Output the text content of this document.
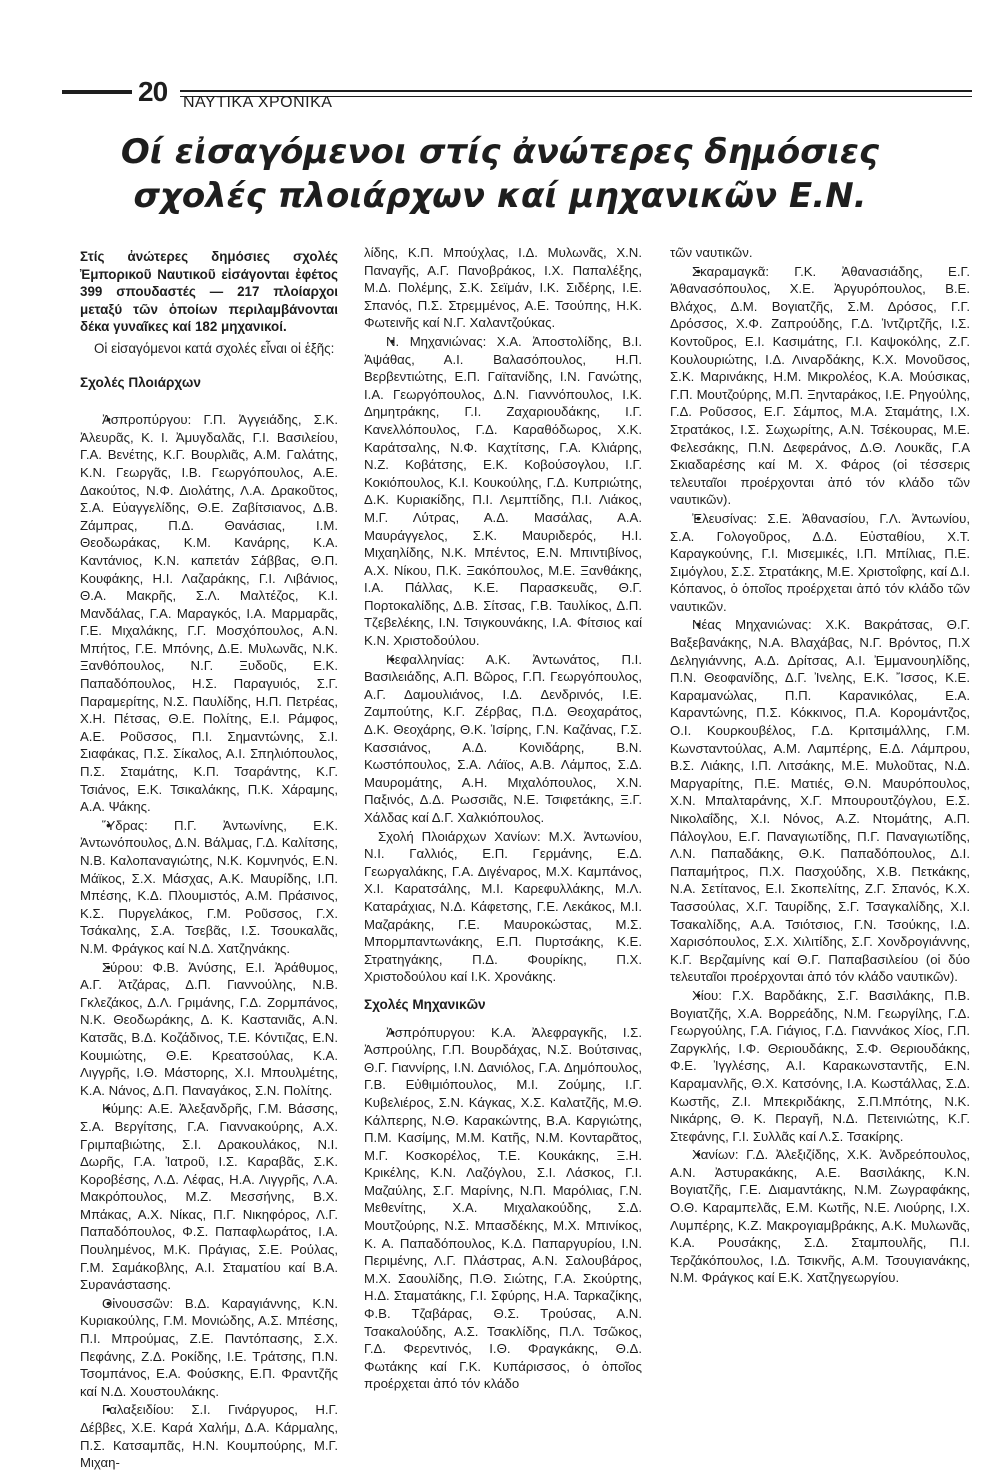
20 ΝΑΥΤΙΚΑ ΧΡΟΝΙΚΑ
Οί εἰσαγόμενοι στίς ἀνώτερες δημόσιες
σχολές πλοιάρχων καί μηχανικῶν Ε.Ν.

Στίς ἀνώτερες δημόσιες σχολές Ἐμπορικοῦ Ναυτικοῦ εἰσάγονται ἐφέτος 399 σπουδαστές — 217 πλοίαρχοι μεταξύ τῶν ὁποίων περιλαμβάνονται δέκα γυναῖκες καί 182 μηχανικοί.

Οἱ εἰσαγόμενοι κατά σχολές εἶναι οἱ ἑξῆς:

Σχολές Πλοιάρχων

• Ἀσπροπύργου: Γ.Π. Ἀγγειάδης, Σ.Κ. Ἀλευρᾶς, Κ. Ι. Ἀμυγδαλᾶς, Γ.Ι. Βασιλείου, Γ.Α. Βενέτης, Κ.Γ. Βουρλιᾶς, Α.Μ. Γαλάτης, Κ.Ν. Γεωργᾶς, Ι.Β. Γεωργόπουλος, Α.Ε. Δακούτος, Ν.Φ. Διολάτης, Λ.Α. Δρακοῦτος, Σ.Α. Εὐαγγελίδης, Θ.Ε. Ζαβίτσιανος, Δ.Β. Ζάμπρας, Π.Δ. Θανάσιας, Ι.Μ. Θεοδωράκας, Κ.Μ. Κανάρης, Κ.Α. Καντάνιος, Κ.Ν. καπετάν Σάββας, Θ.Π. Κουφάκης, Η.Ι. Λαζαράκης, Γ.Ι. Λιβάνιος, Θ.Α. Μακρῆς, Σ.Λ. Μαλτέζος, Κ.Ι. Μανδάλας, Γ.Α. Μαραγκός, Ι.Α. Μαρμαρᾶς, Γ.Ε. Μιχαλάκης, Γ.Γ. Μοσχόπουλος, Α.Ν. Μπήτος, Γ.Ε. Μπόνης, Δ.Ε. Μυλωνᾶς, Ν.Κ. Ξανθόπουλος, Ν.Γ. Ξυδοῦς, Ε.Κ. Παπαδόπουλος, Η.Σ. Παραγυιός, Σ.Γ. Παραμερίτης, Ν.Σ. Παυλίδης, Η.Π. Πετρέας, Χ.Η. Πέτσας, Θ.Ε. Πολίτης, Ε.Ι. Ράμφος, Α.Ε. Ροῦσσος, Π.Ι. Σημαντώνης, Σ.Ι. Σιαφάκας, Π.Σ. Σίκαλος, Α.Ι. Σπηλιόπουλος, Π.Σ. Σταμάτης, Κ.Π. Τσαράντης, Κ.Γ. Τσιάνος, Ε.Κ. Τσικαλάκης, Π.Κ. Χάραμης, Α.Α. Ψάκης.

• Ὕδρας: Π.Γ. Ἀντωνίνης, Ε.Κ. Ἀντωνόπουλος, Δ.Ν. Βάλμας, Γ.Δ. Καλίτσης, Ν.Β. Καλοπαναγιώτης, Ν.Κ. Κομνηνός, Ε.Ν. Μάϊκος, Σ.Χ. Μάσχας, Α.Κ. Μαυρίδης, Ι.Π. Μπέσης, Κ.Δ. Πλουμιστός, Α.Μ. Πράσινος, Κ.Σ. Πυργελάκος, Γ.Μ. Ροῦσσος, Γ.Χ. Τσάκαλης, Σ.Α. Τσεβᾶς, Ι.Σ. Τσουκαλᾶς, Ν.Μ. Φράγκος καί Ν.Δ. Χατζηνάκης.

• Σύρου: Φ.Β. Ἀνύσης, Ε.Ι. Ἀράθυμος, Α.Γ. Ἀτζάρας, Δ.Π. Γιαννούλης, Ν.Β. Γκλεζάκος, Δ.Λ. Γριμάνης, Γ.Δ. Ζορμπάνος, Ν.Κ. Θεοδωράκης, Δ. Κ. Καστανιᾶς, Α.Ν. Κατσᾶς, Β.Δ. Κοζάδινος, Τ.Ε. Κόντιζας, Ε.Ν. Κουμιώτης, Θ.Ε. Κρεατσούλας, Κ.Α. Λιγγρῆς, Ι.Θ. Μάστορης, Χ.Ι. Μπουλμέτης, Κ.Α. Νάνος, Δ.Π. Παναγάκος, Σ.Ν. Πολίτης.

• Κύμης: Α.Ε. Ἀλεξανδρῆς, Γ.Μ. Βάσσης, Σ.Α. Βεργίτσης, Γ.Α. Γιαννακούρης, Α.Χ. Γριμπαβιώτης, Σ.Ι. Δρακουλάκος, Ν.Ι. Δωρῆς, Γ.Α. Ἰατροῦ, Ι.Σ. Καραβᾶς, Σ.Κ. Κοροβέσης, Λ.Δ. Λέφας, Η.Α. Λιγγρῆς, Λ.Α. Μακρόπουλος, Μ.Ζ. Μεσσήνης, Β.Χ. Μπάκας, Α.Χ. Νίκας, Π.Γ. Νικηφόρος, Λ.Γ. Παπαδόπουλος, Φ.Σ. Παπαφλωράτος, Ι.Α. Πουλημένος, Μ.Κ. Πράγιας, Σ.Ε. Ρούλας, Γ.Μ. Σαμάκοβλης, Α.Ι. Σταματίου καί Β.Α. Συρανάστασης.

• Οἰνουσσῶν: Β.Δ. Καραγιάννης, Κ.Ν. Κυριακούλης, Γ.Μ. Μονιώδης, Α.Σ. Μπέσης, Π.Ι. Μπρούμας, Ζ.Ε. Παντόπασης, Σ.Χ. Πεφάνης, Ζ.Δ. Ροκίδης, Ι.Ε. Τράτσης, Π.Ν. Τσομπάνος, Ε.Α. Φούσκης, Ε.Π. Φραντζῆς καί Ν.Δ. Χουστουλάκης.

• Γαλαξειδίου: Σ.Ι. Γινάργυρος, Η.Γ. Δέββες, Χ.Ε. Καρά Χαλήμ, Δ.Α. Κάρμαλης, Π.Σ. Κατσαμπᾶς, Η.Ν. Κουμπούρης, Μ.Γ. Μιχαη-

λίδης, Κ.Π. Μπούχλας, Ι.Δ. Μυλωνᾶς, Χ.Ν. Παναγῆς, Α.Γ. Πανοβράκος, Ι.Χ. Παπαλέξης, Μ.Δ. Πολέμης, Σ.Κ. Σεϊμάν, Ι.Κ. Σιδέρης, Ι.Ε. Σπανός, Π.Σ. Στρεμμένος, Α.Ε. Τσούπης, Η.Κ. Φωτεινῆς καί Ν.Γ. Χαλαντζούκας.

• Ν. Μηχανιώνας: Χ.Α. Ἀποστολίδης, Β.Ι. Ἀψάθας, Α.Ι. Βαλασόπουλος, Η.Π. Βερβεντιώτης, Ε.Π. Γαϊτανίδης, Ι.Ν. Γανώτης, Ι.Α. Γεωργόπουλος, Δ.Ν. Γιαννόπουλος, Ι.Κ. Δημητράκης, Γ.Ι. Ζαχαριουδάκης, Ι.Γ. Κανελλόπουλος, Γ.Δ. Καραθόδωρος, Χ.Κ. Καράτσαλης, Ν.Φ. Καχτίτσης, Γ.Α. Κλιάρης, Ν.Ζ. Κοβάτσης, Ε.Κ. Κοβούσογλου, Ι.Γ. Κοκιόπουλος, Κ.Ι. Κουκούλης, Γ.Δ. Κυπριώτης, Δ.Κ. Κυριακίδης, Π.Ι. Λεμπτίδης, Π.Ι. Λιάκος, Μ.Γ. Λύτρας, Α.Δ. Μασάλας, Α.Α. Μαυράγγελος, Σ.Κ. Μαυριδερός, Η.Ι. Μιχαηλίδης, Ν.Κ. Μπέντος, Ε.Ν. Μπιντιβίνος, Α.Χ. Νίκου, Π.Κ. Ξακόπουλος, Μ.Ε. Ξανθάκης, Ι.Α. Πάλλας, Κ.Ε. Παρασκευᾶς, Θ.Γ. Πορτοκαλίδης, Δ.Β. Σίτσας, Γ.Β. Ταυλίκος, Δ.Π. Τζεβελέκης, Ι.Ν. Τσιγκουνάκης, Ι.Α. Φίτσιος καί Κ.Ν. Χριστοδούλου.

• Κεφαλληνίας: Α.Κ. Ἀντωνάτος, Π.Ι. Βασιλειάδης, Α.Π. Βῶρος, Γ.Π. Γεωργόπουλος, Α.Γ. Δαμουλιάνος, Ι.Δ. Δενδρινός, Ι.Ε. Ζαμπούτης, Κ.Γ. Ζέρβας, Π.Δ. Θεοχαράτος, Δ.Κ. Θεοχάρης, Θ.Κ. Ἰσίρης, Γ.Ν. Καζάνας, Γ.Σ. Κασσιάνος, Α.Δ. Κονιδάρης, Β.Ν. Κωστόπουλος, Σ.Α. Λάϊος, Α.Β. Λάμπος, Σ.Δ. Μαυρομάτης, Α.Η. Μιχαλόπουλος, Χ.Ν. Παξινός, Δ.Δ. Ρωσσιᾶς, Ν.Ε. Τσιφετάκης, Ξ.Γ. Χάλδας καί Δ.Γ. Χαλκιόπουλος.

Σχολή Πλοιάρχων Χανίων: Μ.Χ. Ἀντωνίου, Ν.Ι. Γαλλιός, Ε.Π. Γερμάνης, Ε.Δ. Γεωργαλάκης, Γ.Α. Διγέναρος, Μ.Χ. Καμπάνος, Χ.Ι. Καρατσάλης, Μ.Ι. Καρεφυλλάκης, Μ.Λ. Καταράχιας, Ν.Δ. Κάφετσης, Γ.Ε. Λεκάκος, Μ.Ι. Μαζαράκης, Γ.Ε. Μαυροκώστας, Μ.Σ. Μπορμπαντωνάκης, Ε.Π. Πυρτσάκης, Κ.Ε. Στρατηγάκης, Π.Δ. Φουρίκης, Π.Χ. Χριστοδούλου καί Ι.Κ. Χρονάκης.

Σχολές Μηχανικῶν

• Ἀσπρόπυργου: Κ.Α. Ἀλεφραγκῆς, Ι.Σ. Ἀσπρούλης, Γ.Π. Βουρδάχας, Ν.Σ. Βούτσινας, Θ.Γ. Γιαννίρης, Ι.Ν. Δανιόλος, Γ.Α. Δημόπουλος, Γ.Β. Εὐθιμιόπουλος, Μ.Ι. Ζούμης, Ι.Γ. Κυβελιέρος, Σ.Ν. Κάγκας, Χ.Σ. Καλατζῆς, Μ.Θ. Κάλπερης, Ν.Θ. Καρακώντης, Β.Α. Καργιώτης, Π.Μ. Κασίμης, Μ.Μ. Κατῆς, Ν.Μ. Κονταρᾶτος, Μ.Γ. Κοσκορέλος, Τ.Ε. Κουκάκης, Ξ.Η. Κρικέλης, Κ.Ν. Λαζόγλου, Σ.Ι. Λάσκος, Γ.Ι. Μαζαύλης, Σ.Γ. Μαρίνης, Ν.Π. Μαρόλιας, Γ.Ν. Μεθενίτης, Χ.Α. Μιχαλακούδης, Σ.Δ. Μουτζούρης, Ν.Σ. Μπασδέκης, Μ.Χ. Μπινίκος, Κ. Α. Παπαδόπουλος, Κ.Δ. Παπαργυρίου, Ι.Ν. Περιμένης, Λ.Γ. Πλάστρας, Α.Ν. Σαλουβάρος, Μ.Χ. Σαουλίδης, Π.Θ. Σιώτης, Γ.Α. Σκούρτης, Η.Δ. Σταματάκης, Γ.Ι. Σφύρης, Η.Α. Ταρκαζίκης, Φ.Β. Τζαβάρας, Θ.Σ. Τρούσας, Α.Ν. Τσακαλούδης, Α.Σ. Τσακλίδης, Π.Λ. Τσῶκος, Γ.Δ. Φερεντινός, Ι.Θ. Φραγκάκης, Θ.Δ. Φωτάκης καί Γ.Κ. Κυπάρισσος, ὁ ὁποῖος προέρχεται ἀπό τόν κλάδο

τῶν ναυτικῶν.

• Σκαραμαγκᾶ: Γ.Κ. Ἀθανασιάδης, Ε.Γ. Ἀθανασόπουλος, Χ.Ε. Ἀργυρόπουλος, Β.Ε. Βλάχος, Δ.Μ. Βογιατζῆς, Σ.Μ. Δρόσος, Γ.Γ. Δρόσσος, Χ.Φ. Ζαπρούδης, Γ.Δ. Ἰντζιρτζῆς, Ι.Σ. Κοντοῦρος, Ε.Ι. Κασιμάτης, Γ.Ι. Καψοκόλης, Ζ.Γ. Κουλουριώτης, Ι.Δ. Λιναρδάκης, Κ.Χ. Μονοῦσος, Σ.Κ. Μαρινάκης, Η.Μ. Μικρολέος, Κ.Α. Μούσικας, Γ.Π. Μουτζούρης, Μ.Π. Ξηνταράκος, Ι.Ε. Ρηγούλης, Γ.Δ. Ροῦσσος, Ε.Γ. Σάμπος, Μ.Α. Σταμάτης, Ι.Χ. Στρατάκος, Ι.Σ. Σωχωρίτης, Α.Ν. Τσέκουρας, Μ.Ε. Φελεσάκης, Π.Ν. Δεφεράνος, Δ.Θ. Λουκᾶς, Γ.Α Σκιαδαρέσης καί Μ. Χ. Φάρος (οἱ τέσσερις τελευταῖοι προέρχονται ἀπό τόν κλάδο τῶν ναυτικῶν).

• Ἐλευσίνας: Σ.Ε. Ἀθανασίου, Γ.Λ. Ἀντωνίου, Σ.Α. Γολογοῦρος, Δ.Δ. Εὐσταθίου, Χ.Τ. Καραγκούνης, Γ.Ι. Μισεμικές, Ι.Π. Μπίλιας, Π.Ε. Σιμόγλου, Σ.Σ. Στρατάκης, Μ.Ε. Χριστοΐφης, καί Δ.Ι. Κόπανος, ὁ ὁποῖος προέρχεται ἀπό τόν κλάδο τῶν ναυτικῶν.

• Νέας Μηχανιώνας: Χ.Κ. Βακράτσας, Θ.Γ. Βαξεβανάκης, Ν.Α. Βλαχάβας, Ν.Γ. Βρόντος, Π.Χ Δεληγιάννης, Α.Δ. Δρίτσας, Α.Ι. Ἐμμανουηλίδης, Π.Ν. Θεοφανίδης, Δ.Γ. Ἰνελης, Ε.Κ. Ἴσσος, Κ.Ε. Καραμανώλας, Π.Π. Καρανικόλας, Ε.Α. Καραντώνης, Π.Σ. Κόκκινος, Π.Α. Κορομάντζος, Ο.Ι. Κουρκουβέλος, Γ.Δ. Κριτσιμάλλης, Γ.Μ. Κωνσταντούλας, Α.Μ. Λαμπέρης, Ε.Δ. Λάμπρου, Β.Σ. Λιάκης, Ι.Π. Λιτσάκης, Μ.Ε. Μυλοῦτας, Ν.Δ. Μαργαρίτης, Π.Ε. Ματιές, Θ.Ν. Μαυρόπουλος, Χ.Ν. Μπαλταράνης, Χ.Γ. Μπουρουτζόγλου, Ε.Σ. Νικολαΐδης, Χ.Ι. Νόνος, Α.Ζ. Ντομάτης, Α.Π. Πάλογλου, Ε.Γ. Παναγιωτίδης, Π.Γ. Παναγιωτίδης, Λ.Ν. Παπαδάκης, Θ.Κ. Παπαδόπουλος, Δ.Ι. Παπαμήτρος, Π.Χ. Πασχούδης, Χ.Β. Πετκάκης, Ν.Α. Σετίτανος, Ε.Ι. Σκοπελίτης, Ζ.Γ. Σπανός, Κ.Χ. Τασσούλας, Χ.Γ. Ταυρίδης, Σ.Γ. Τσαγκαλίδης, Χ.Ι. Τσακαλίδης, Α.Α. Τσιότσιος, Γ.Ν. Τσούκης, Ι.Δ. Χαρισόπουλος, Σ.Χ. Χιλιτίδης, Σ.Γ. Χονδρογιάννης, Κ.Γ. Βερζαμίνης καί Θ.Γ. Παπαβασιλείου (οἱ δύο τελευταῖοι προέρχονται ἀπό τόν κλάδο ναυτικῶν).

• Χίου: Γ.Χ. Βαρδάκης, Σ.Γ. Βασιλάκης, Π.Β. Βογιατζῆς, Χ.Α. Βορρεάδης, Ν.Μ. Γεωργίλης, Γ.Δ. Γεωργούλης, Γ.Α. Γιάγιος, Γ.Δ. Γιαννάκος Χίος, Γ.Π. Ζαργκλής, Ι.Φ. Θεριουδάκης, Σ.Φ. Θεριουδάκης, Φ.Ε. Ἰγγλέσης, Α.Ι. Καρακωνσταντῆς, Ε.Ν. Καραμανλῆς, Θ.Χ. Κατσόνης, Ι.Α. Κωστάλλας, Σ.Δ. Κωστῆς, Ζ.Ι. Μπεκριδάκης, Σ.Π.Μπότης, Ν.Κ. Νικάρης, Θ. Κ. Περαγῆ, Ν.Δ. Πετεινιώτης, Κ.Γ. Στεφάνης, Γ.Ι. Συλλᾶς καί Λ.Σ. Τσακίρης.

• Χανίων: Γ.Δ. Ἀλεξιζίδης, Χ.Κ. Ἀνδρεόπουλος, Α.Ν. Ἀστυρακάκης, Α.Ε. Βασιλάκης, Κ.Ν. Βογιατζῆς, Γ.Ε. Διαμαντάκης, Ν.Μ. Ζωγραφάκης, Ο.Θ. Καραμπελᾶς, Ε.Μ. Κωτῆς, Ν.Ε. Λιούρης, Ι.Χ. Λυμπέρης, Κ.Ζ. Μακρογιαμβράκης, Α.Κ. Μυλωνᾶς, Κ.Α. Ρουσάκης, Σ.Δ. Σταμπουλῆς, Π.Ι. Τερζάκόπουλος, Ι.Δ. Τσικνῆς, Α.Μ. Τσουγιανάκης, Ν.Μ. Φράγκος καί Ε.Κ. Χατζηγεωργίου.
